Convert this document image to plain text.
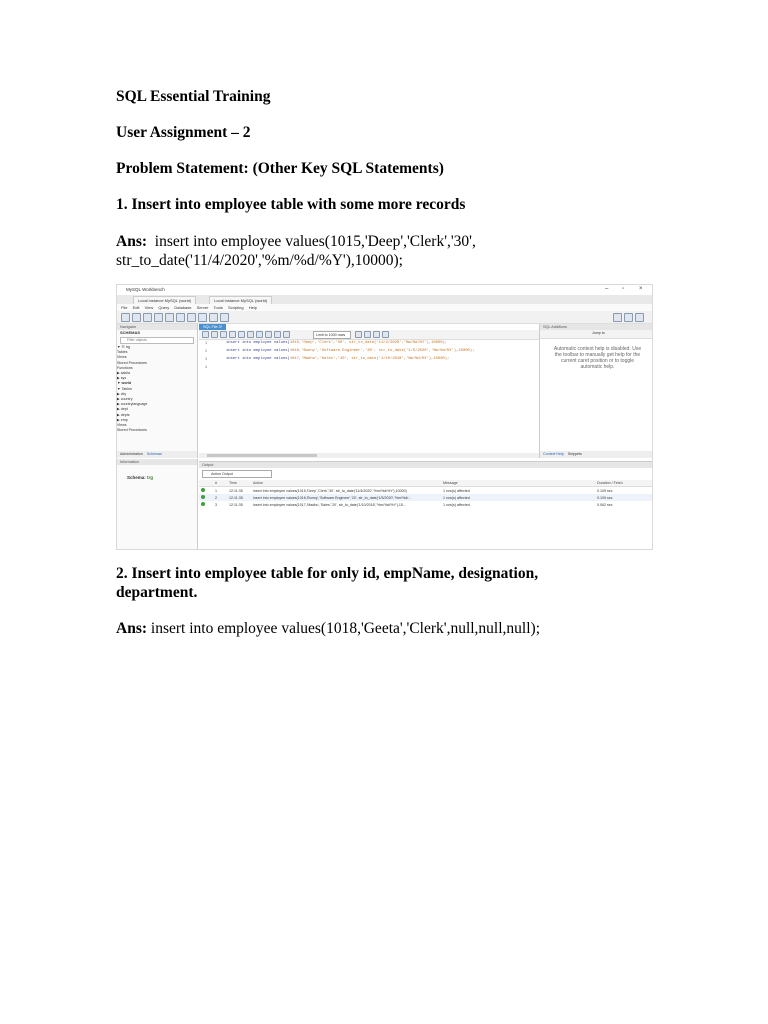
SQL Essential Training
User Assignment – 2
Problem Statement: (Other Key SQL Statements)
1. Insert into employee table with some more records
Ans: insert into employee values(1015,'Deep','Clerk','30',
str_to_date('11/4/2020','%m/%d/%Y'),10000);
2. Insert into employee table for only id, empName, designation,
department.
Ans: insert into employee values(1018,'Geeta','Clerk',null,null,null);
MySQL Workbench	– ▫ ×
Local instance MySQL (world)	Local instance MySQL (world)
File Edit View Query Database Server Tools Scripting Help
Navigator
SCHEMAS
Filter objects
▼ ☷ trg
Tables
Views
Stored Procedures
Functions
▶ sakila
▶ sys
▼ world
▼ Tables
▶ city
▶ country
▶ countrylanguage
▶ dept
▶ depts
▶ emp
Views
Stored Procedures
Administration Schemas
Information
Schema: trg
SQL File 3*
Limit to 1000 rows
1	insert into employee values(1015,'Deep','Clerk','30', str_to_date('11/4/2020','%m/%d/%Y'),10000);
2	insert into employee values(1016,'Bunny','Software Engineer','20', str_to_date('1/5/2020','%m/%d/%Y'),25000);
3	insert into employee values(1017,'Madhu','Sales','20', str_to_date('1/10/2018','%m/%d/%Y'),15000);
4
SQL Additions
Jump to
Automatic context help is disabled. Use the toolbar to manually get help for the current caret position or to toggle automatic help.
Context Help Snippets
Output
Action Output
	#	Time	Action	Message	Duration / Fetch
	1	12:11:35	insert into employee values(1015,'Deep','Clerk','30', str_to_date('11/4/2020','%m/%d/%Y'),10000)	1 row(s) affected	0.109 sec
	2	12:11:35	insert into employee values(1016,'Bunny','Software Engineer','20', str_to_date('1/5/2020','%m/%d/...	1 row(s) affected	0.109 sec
	3	12:11:35	insert into employee values(1017,'Madhu','Sales','20', str_to_date('1/10/2018','%m/%d/%Y'),15...	1 row(s) affected	0.062 sec
